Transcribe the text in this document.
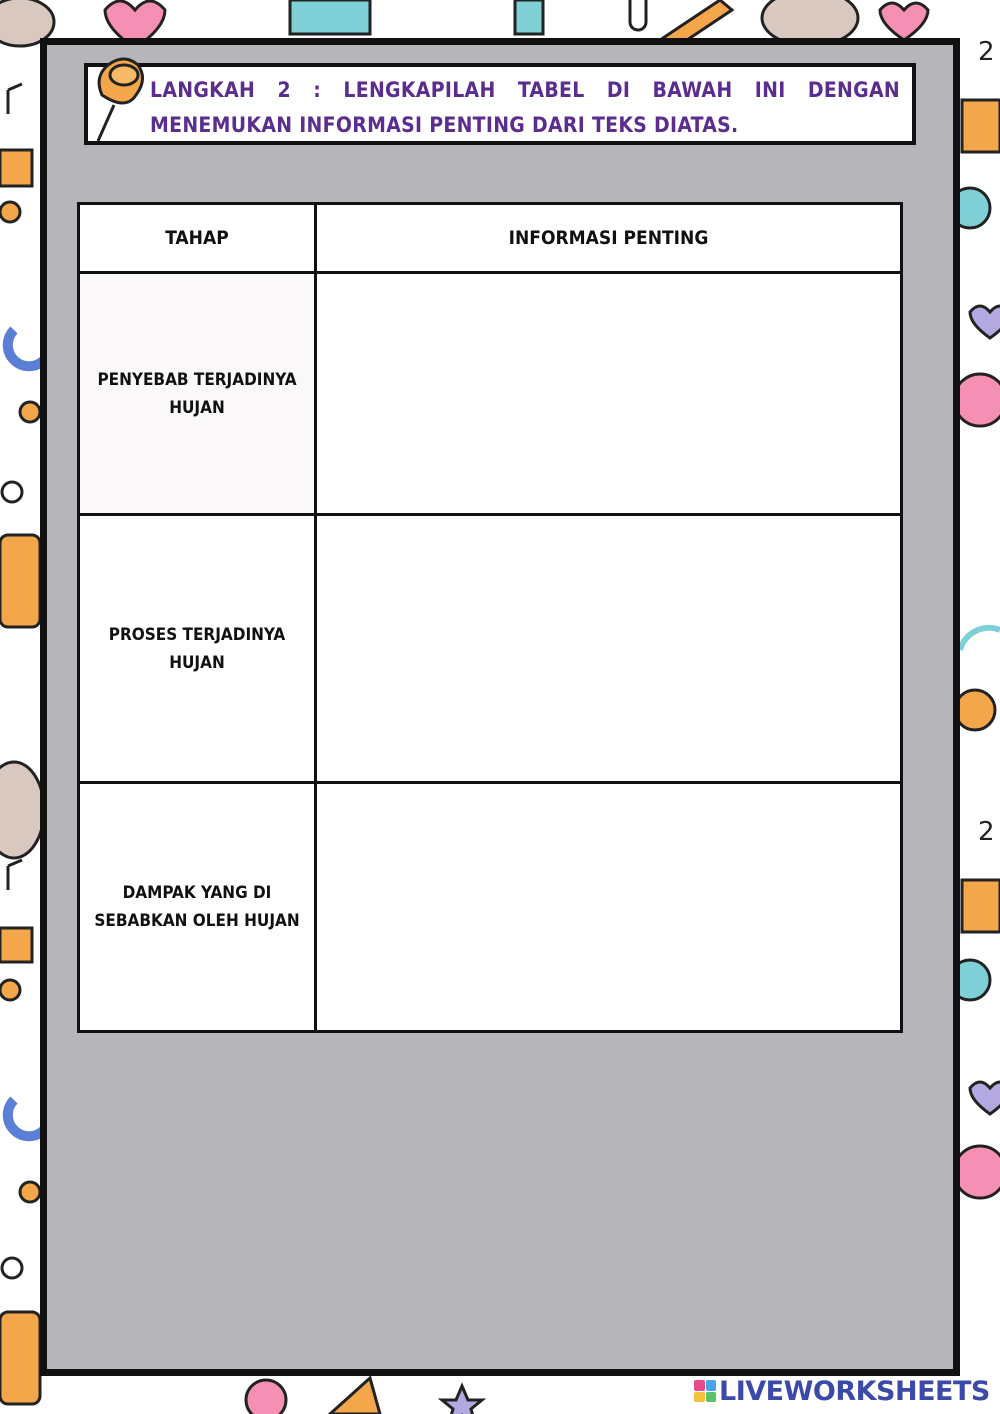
2
2
LANGKAH 2 : LENGKAPILAH TABEL DI BAWAH INI DENGAN MENEMUKAN INFORMASI PENTING DARI TEKS DIATAS.
TAHAP	INFORMASI PENTING
PENYEBAB TERJADINYA HUJAN	
PROSES TERJADINYA HUJAN	
DAMPAK YANG DI SEBABKAN OLEH HUJAN	
LIVEWORKSHEETS
